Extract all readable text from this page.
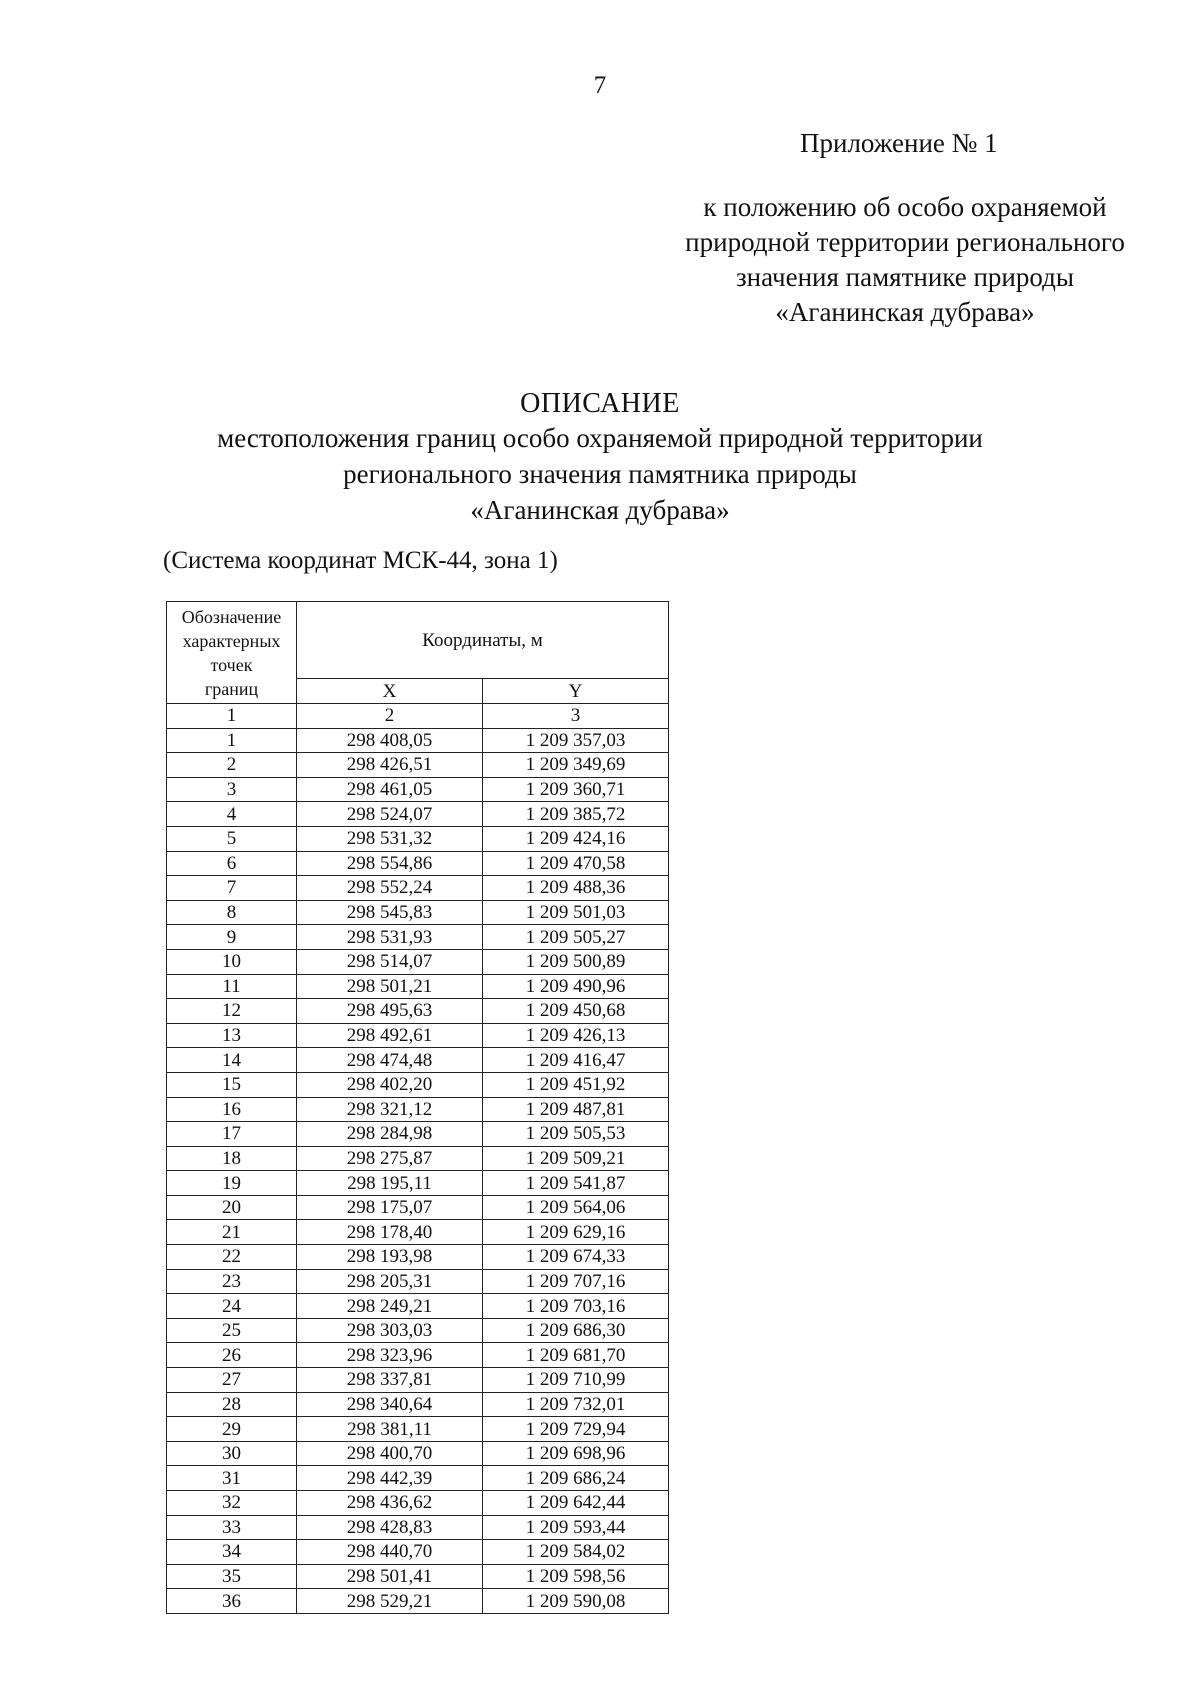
7
Приложение № 1
к положению об особо охраняемой
природной территории регионального
значения памятнике природы
«Аганинская дубрава»
ОПИСАНИЕ
местоположения границ особо охраняемой природной территории
регионального значения памятника природы
«Аганинская дубрава»
(Система координат МСК-44, зона 1)
Обозначение
характерных
точек
границ	Координаты, м	
	X	Y
1	2	3
1	298 408,05	1 209 357,03
2	298 426,51	1 209 349,69
3	298 461,05	1 209 360,71
4	298 524,07	1 209 385,72
5	298 531,32	1 209 424,16
6	298 554,86	1 209 470,58
7	298 552,24	1 209 488,36
8	298 545,83	1 209 501,03
9	298 531,93	1 209 505,27
10	298 514,07	1 209 500,89
11	298 501,21	1 209 490,96
12	298 495,63	1 209 450,68
13	298 492,61	1 209 426,13
14	298 474,48	1 209 416,47
15	298 402,20	1 209 451,92
16	298 321,12	1 209 487,81
17	298 284,98	1 209 505,53
18	298 275,87	1 209 509,21
19	298 195,11	1 209 541,87
20	298 175,07	1 209 564,06
21	298 178,40	1 209 629,16
22	298 193,98	1 209 674,33
23	298 205,31	1 209 707,16
24	298 249,21	1 209 703,16
25	298 303,03	1 209 686,30
26	298 323,96	1 209 681,70
27	298 337,81	1 209 710,99
28	298 340,64	1 209 732,01
29	298 381,11	1 209 729,94
30	298 400,70	1 209 698,96
31	298 442,39	1 209 686,24
32	298 436,62	1 209 642,44
33	298 428,83	1 209 593,44
34	298 440,70	1 209 584,02
35	298 501,41	1 209 598,56
36	298 529,21	1 209 590,08
